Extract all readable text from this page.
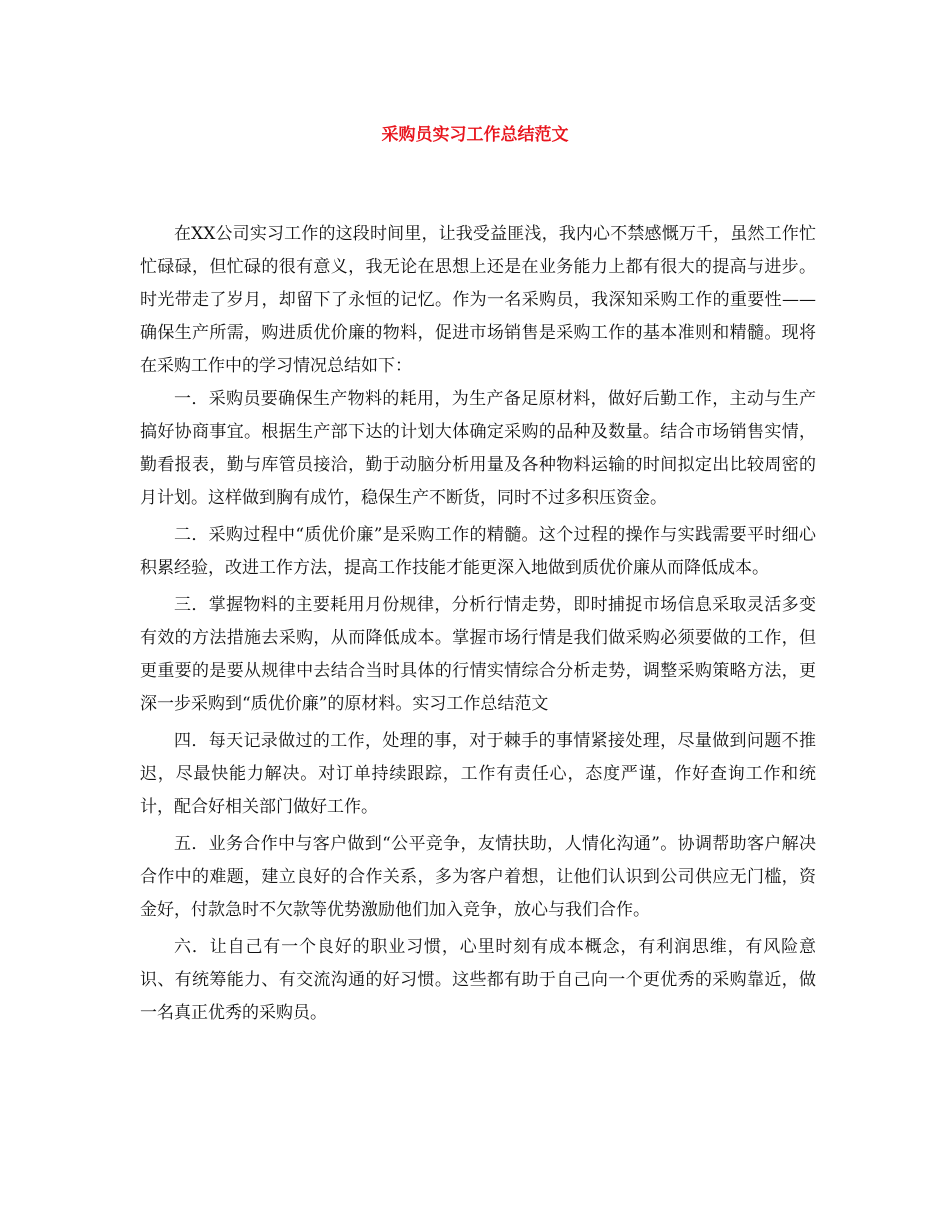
采购员实习工作总结范文

在XX公司实习工作的这段时间里，让我受益匪浅，我内心不禁感慨万千，虽然工作忙忙碌碌，但忙碌的很有意义，我无论在思想上还是在业务能力上都有很大的提高与进步。时光带走了岁月，却留下了永恒的记忆。作为一名采购员，我深知采购工作的重要性——确保生产所需，购进质优价廉的物料，促进市场销售是采购工作的基本准则和精髓。现将在采购工作中的学习情况总结如下：

一．采购员要确保生产物料的耗用，为生产备足原材料，做好后勤工作，主动与生产搞好协商事宜。根据生产部下达的计划大体确定采购的品种及数量。结合市场销售实情，勤看报表，勤与库管员接洽，勤于动脑分析用量及各种物料运输的时间拟定出比较周密的月计划。这样做到胸有成竹，稳保生产不断货，同时不过多积压资金。

二．采购过程中“质优价廉”是采购工作的精髓。这个过程的操作与实践需要平时细心积累经验，改进工作方法，提高工作技能才能更深入地做到质优价廉从而降低成本。

三．掌握物料的主要耗用月份规律，分析行情走势，即时捕捉市场信息采取灵活多变有效的方法措施去采购，从而降低成本。掌握市场行情是我们做采购必须要做的工作，但更重要的是要从规律中去结合当时具体的行情实情综合分析走势，调整采购策略方法，更深一步采购到“质优价廉”的原材料。实习工作总结范文

四．每天记录做过的工作，处理的事，对于棘手的事情紧接处理，尽量做到问题不推迟，尽最快能力解决。对订单持续跟踪，工作有责任心，态度严谨，作好查询工作和统计，配合好相关部门做好工作。

五．业务合作中与客户做到“公平竞争，友情扶助，人情化沟通”。协调帮助客户解决合作中的难题，建立良好的合作关系，多为客户着想，让他们认识到公司供应无门槛，资金好，付款急时不欠款等优势激励他们加入竞争，放心与我们合作。

六．让自己有一个良好的职业习惯，心里时刻有成本概念，有利润思维，有风险意识、有统筹能力、有交流沟通的好习惯。这些都有助于自己向一个更优秀的采购靠近，做一名真正优秀的采购员。
